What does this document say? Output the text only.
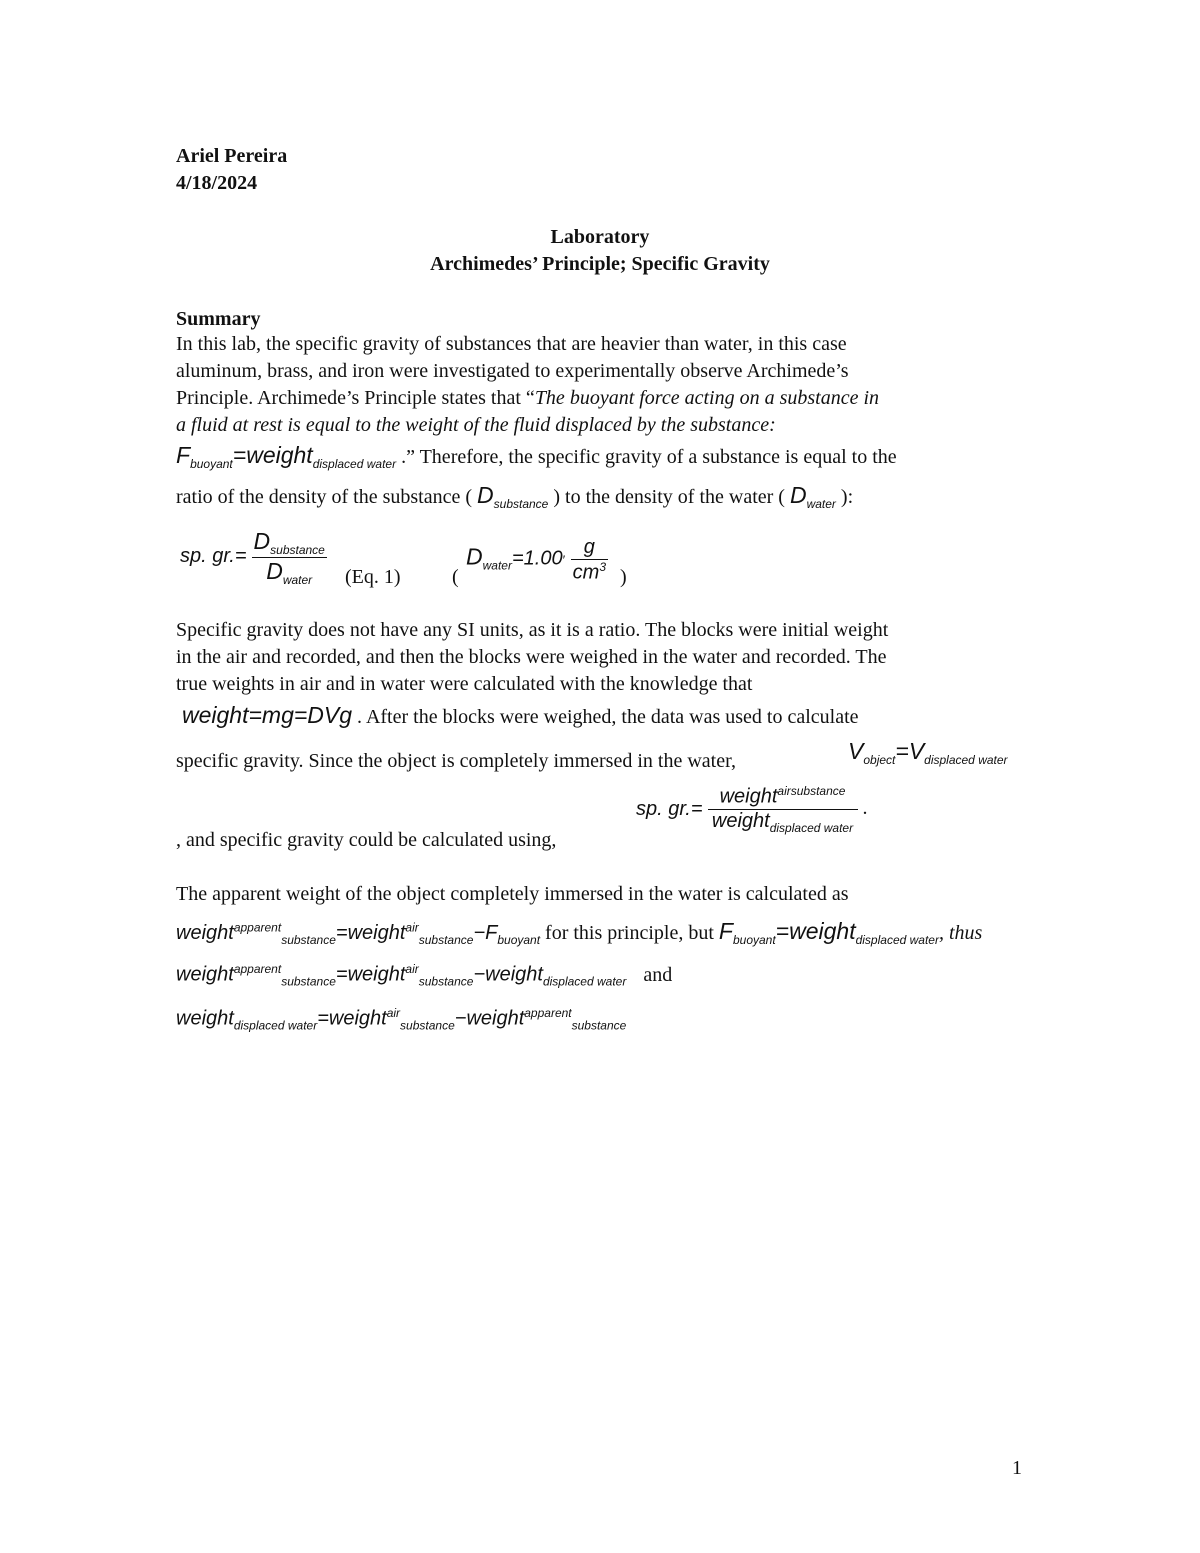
Ariel Pereira
4/18/2024
Laboratory
Archimedes’ Principle; Specific Gravity
Summary
In this lab, the specific gravity of substances that are heavier than water, in this case
aluminum, brass, and iron were investigated to experimentally observe Archimede’s
Principle. Archimede’s Principle states that “The buoyant force acting on a substance in
a fluid at rest is equal to the weight of the fluid displaced by the substance:
$F_{buoyant}=weight_{displaced water}$ .” Therefore, the specific gravity of a substance is equal to the
ratio of the density of the substance ( $D_{substance}$ ) to the density of the water ( $D_{water}$ ):
sp. $gr.= \frac{D_{substance}}{D_{water}} (Eq$. 1)	(
$D_{water}=1.00' \frac{g}{cm^3}$ )
Specific gravity does not have any SI units, as it is a ratio. The blocks were initial weight
in the air and recorded, and then the blocks were weighed in the water and recorded. The
true weights in air and in water were calculated with the knowledge that
weight=mg=DVg . After the blocks were weighed, the data was used to calculate
specific gravity. Since the object is completely immersed in the water,	$V_{object}=V_{displaced water}$
sp. $gr.= \frac{weight^{airsubstance}}{weight_{displaced water}}$ .
, and specific gravity could be calculated using,
The apparent weight of the object completely immersed in the water is calculated as
$weight^{apparent}_{substance}=weight^{air}_{substance}-F_{buoyant}$ for this principle, but $F_{buoyant}=weight_{displaced water}$, thus
weight$^{apparent}_{substance}$=weight$^{air}_{substance}$−weight$_{displaced water}$ and
weight$_{displaced water}$=weight$^{air}_{substance}$−weight$^{apparent}_{substance}$
1
